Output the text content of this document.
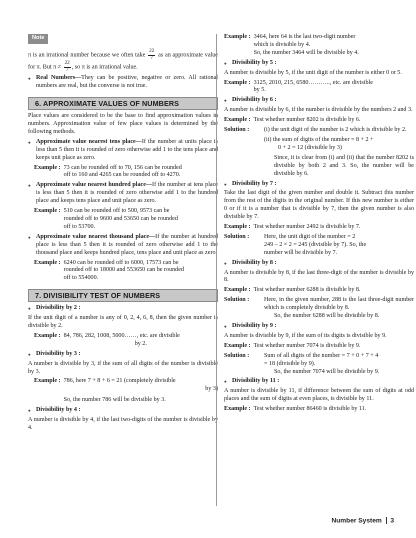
Note

π is an irrational number because we often take $\frac{22}{7}$ as an approximate value for π. But $\pi \ne \frac{22}{7}$ , so π is an irrational value.

● Real Numbers—They can be positive, negative or zero. All rational numbers are real, but the converse is not true.
6. APPROXIMATE VALUES OF NUMBERS

Place values are considered to be the base to find approximation values in numbers. Approximation value of few place values is determined by the following methods.

● Approximate value nearest tens place—If the number at units place is less than 5 then it is rounded of zero otherwise add 1 to the tens place and keeps unit place as zero.
Example : 73 can be rounded off to 70, 156 can be rounded
off to 160 and 4265 can be rounded off to 4270.
● Approximate value nearest hundred place—If the number at tens place is less than 5 then it is rounded of zero otherwise add 1 to the hundred place and keeps tens place and unit place as zero.
Example : 510 can be rounded off to 500, 9573 can be
rounded off to 9600 and 53650 can be rounded
off to 53700.
● Approximate value nearest thousand place—If the number at hundred place is less than 5 then it is rounded of zero otherwise add 1 to the thousand place and keeps hundred place, tens place and unit place as zero.
Example : 6240 can be rounded off to 6000, 17573 can be
rounded off to 18000 and 553650 can be rounded
off to 554000.
7. DIVISIBILITY TEST OF NUMBERS
● Divisibility by 2 :

If the unit digit of a number is any of 0, 2, 4, 6, 8, then the given number is divisible by 2.

Example : 84, 786, 282, 1008, 5000……, etc. are divisible

by 2.
● Divisibility by 3 :

A number is divisible by 3, if the sum of all digits of the number is divisible by 3.

Example : 786, here 7 + 8 + 6 = 21 (completely divisible

by 3)
So, the number 786 will be divisible by 3.
● Divisibility by 4 :

A number is divisible by 4, if the last two-digits of the number is divisible by 4.

Example : 3464, here 64 is the last two-digit number
which is divisible by 4.
So, the number 3464 will be divisible by 4.
● Divisibility by 5 :

A number is divisible by 5, if the unit digit of the number is either 0 or 5.

Example : 3125, 2010, 215, 6580……….., etc. are divisible
by 5.
● Divisibility by 6 :

A number is divisible by 6, if the number is divisible by the numbers 2 and 3.

Example : Test whether number 8202 is divisible by 6.
Solution :	(i) the unit digit of the number is 2 which is divisible by 2.
(ii) the sum of digits of the number = 8 + 2 +
0 + 2 = 12 (divisible by 3)
Since, it is clear from (i) and (ii) that the number 8202 is divisible by both 2 and 3. So, the number will be divisible by 6.
● Divisibility by 7 :

Take the last digit of the given number and double it. Subtract this number from the rest of the digits in the original number. If this new number is either 0 or if it is a number that is divisible by 7, then the given number is also divisible by 7.

Example : Test whether number 2492 is divisible by 7.
Solution :	Here, the unit digit of the number = 2
249 – 2 × 2 = 245 (divisible by 7). So, the
number will be divisible by 7.
● Divisibility by 8 :

A number is divisible by 8, if the last three-digit of the number is divisible by 8.

Example : Test whether number 6288 is divisible by 8.
Solution :	Here, in the given number, 288 is the last three-digit number which is completely divisible by 8.
So, the number 6288 will be divisible by 8.
● Divisibility by 9 :

A number is divisible by 9, if the sum of its digits is divisible by 9.

Example : Test whether number 7074 is divisible by 9.
Solution :	Sum of all digits of the number = 7 + 0 + 7 + 4
= 18 (divisible by 9).
So, the number 7074 will be divisible by 9.
● Divisibility by 11 :

A number is divisible by 11, if difference between the sum of digits at odd places and the sum of digits at even places, is divisible by 11.

Example : Test whether number 86460 is divisible by 11.
Number System 3
